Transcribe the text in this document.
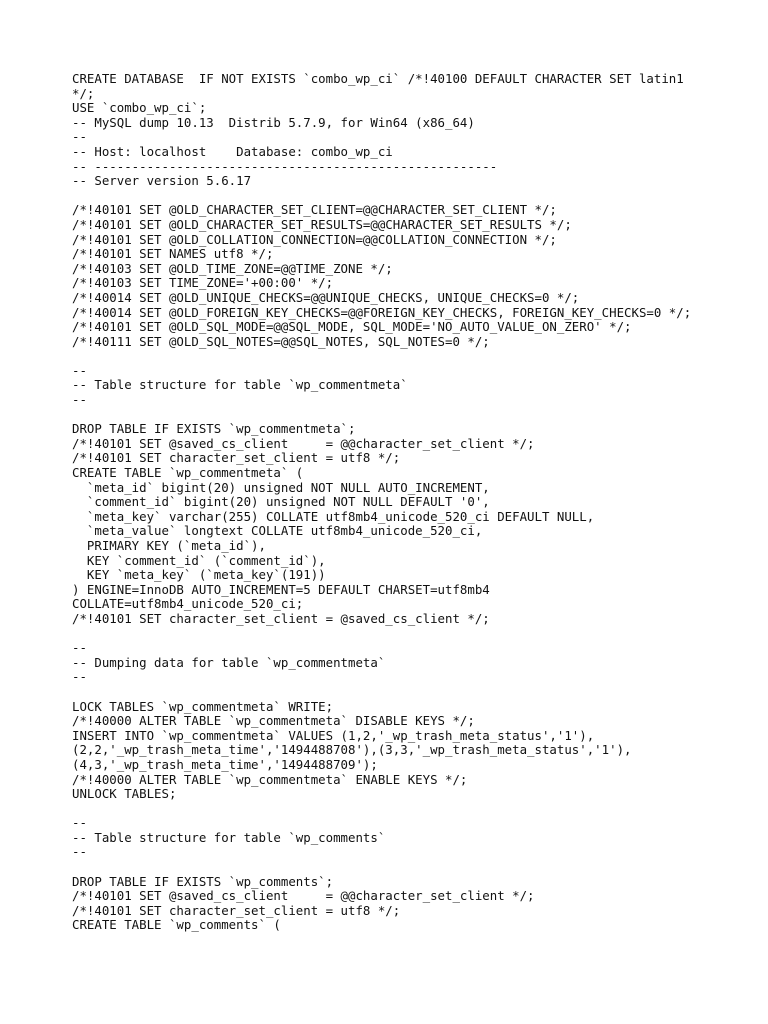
CREATE DATABASE  IF NOT EXISTS `combo_wp_ci` /*!40100 DEFAULT CHARACTER SET latin1
*/;
USE `combo_wp_ci`;
-- MySQL dump 10.13  Distrib 5.7.9, for Win64 (x86_64)
--
-- Host: localhost    Database: combo_wp_ci
-- ------------------------------------------------------
-- Server version 5.6.17
/*!40101 SET @OLD_CHARACTER_SET_CLIENT=@@CHARACTER_SET_CLIENT */;
/*!40101 SET @OLD_CHARACTER_SET_RESULTS=@@CHARACTER_SET_RESULTS */;
/*!40101 SET @OLD_COLLATION_CONNECTION=@@COLLATION_CONNECTION */;
/*!40101 SET NAMES utf8 */;
/*!40103 SET @OLD_TIME_ZONE=@@TIME_ZONE */;
/*!40103 SET TIME_ZONE='+00:00' */;
/*!40014 SET @OLD_UNIQUE_CHECKS=@@UNIQUE_CHECKS, UNIQUE_CHECKS=0 */;
/*!40014 SET @OLD_FOREIGN_KEY_CHECKS=@@FOREIGN_KEY_CHECKS, FOREIGN_KEY_CHECKS=0 */;
/*!40101 SET @OLD_SQL_MODE=@@SQL_MODE, SQL_MODE='NO_AUTO_VALUE_ON_ZERO' */;
/*!40111 SET @OLD_SQL_NOTES=@@SQL_NOTES, SQL_NOTES=0 */;
--
-- Table structure for table `wp_commentmeta`
--
DROP TABLE IF EXISTS `wp_commentmeta`;
/*!40101 SET @saved_cs_client     = @@character_set_client */;
/*!40101 SET character_set_client = utf8 */;
CREATE TABLE `wp_commentmeta` (
`meta_id` bigint(20) unsigned NOT NULL AUTO_INCREMENT,
`comment_id` bigint(20) unsigned NOT NULL DEFAULT '0',
`meta_key` varchar(255) COLLATE utf8mb4_unicode_520_ci DEFAULT NULL,
`meta_value` longtext COLLATE utf8mb4_unicode_520_ci,
PRIMARY KEY (`meta_id`),
KEY `comment_id` (`comment_id`),
KEY `meta_key` (`meta_key`(191))
) ENGINE=InnoDB AUTO_INCREMENT=5 DEFAULT CHARSET=utf8mb4
COLLATE=utf8mb4_unicode_520_ci;
/*!40101 SET character_set_client = @saved_cs_client */;
--
-- Dumping data for table `wp_commentmeta`
--
LOCK TABLES `wp_commentmeta` WRITE;
/*!40000 ALTER TABLE `wp_commentmeta` DISABLE KEYS */;
INSERT INTO `wp_commentmeta` VALUES (1,2,'_wp_trash_meta_status','1'),
(2,2,'_wp_trash_meta_time','1494488708'),(3,3,'_wp_trash_meta_status','1'),
(4,3,'_wp_trash_meta_time','1494488709');
/*!40000 ALTER TABLE `wp_commentmeta` ENABLE KEYS */;
UNLOCK TABLES;
--
-- Table structure for table `wp_comments`
--
DROP TABLE IF EXISTS `wp_comments`;
/*!40101 SET @saved_cs_client     = @@character_set_client */;
/*!40101 SET character_set_client = utf8 */;
CREATE TABLE `wp_comments` (
